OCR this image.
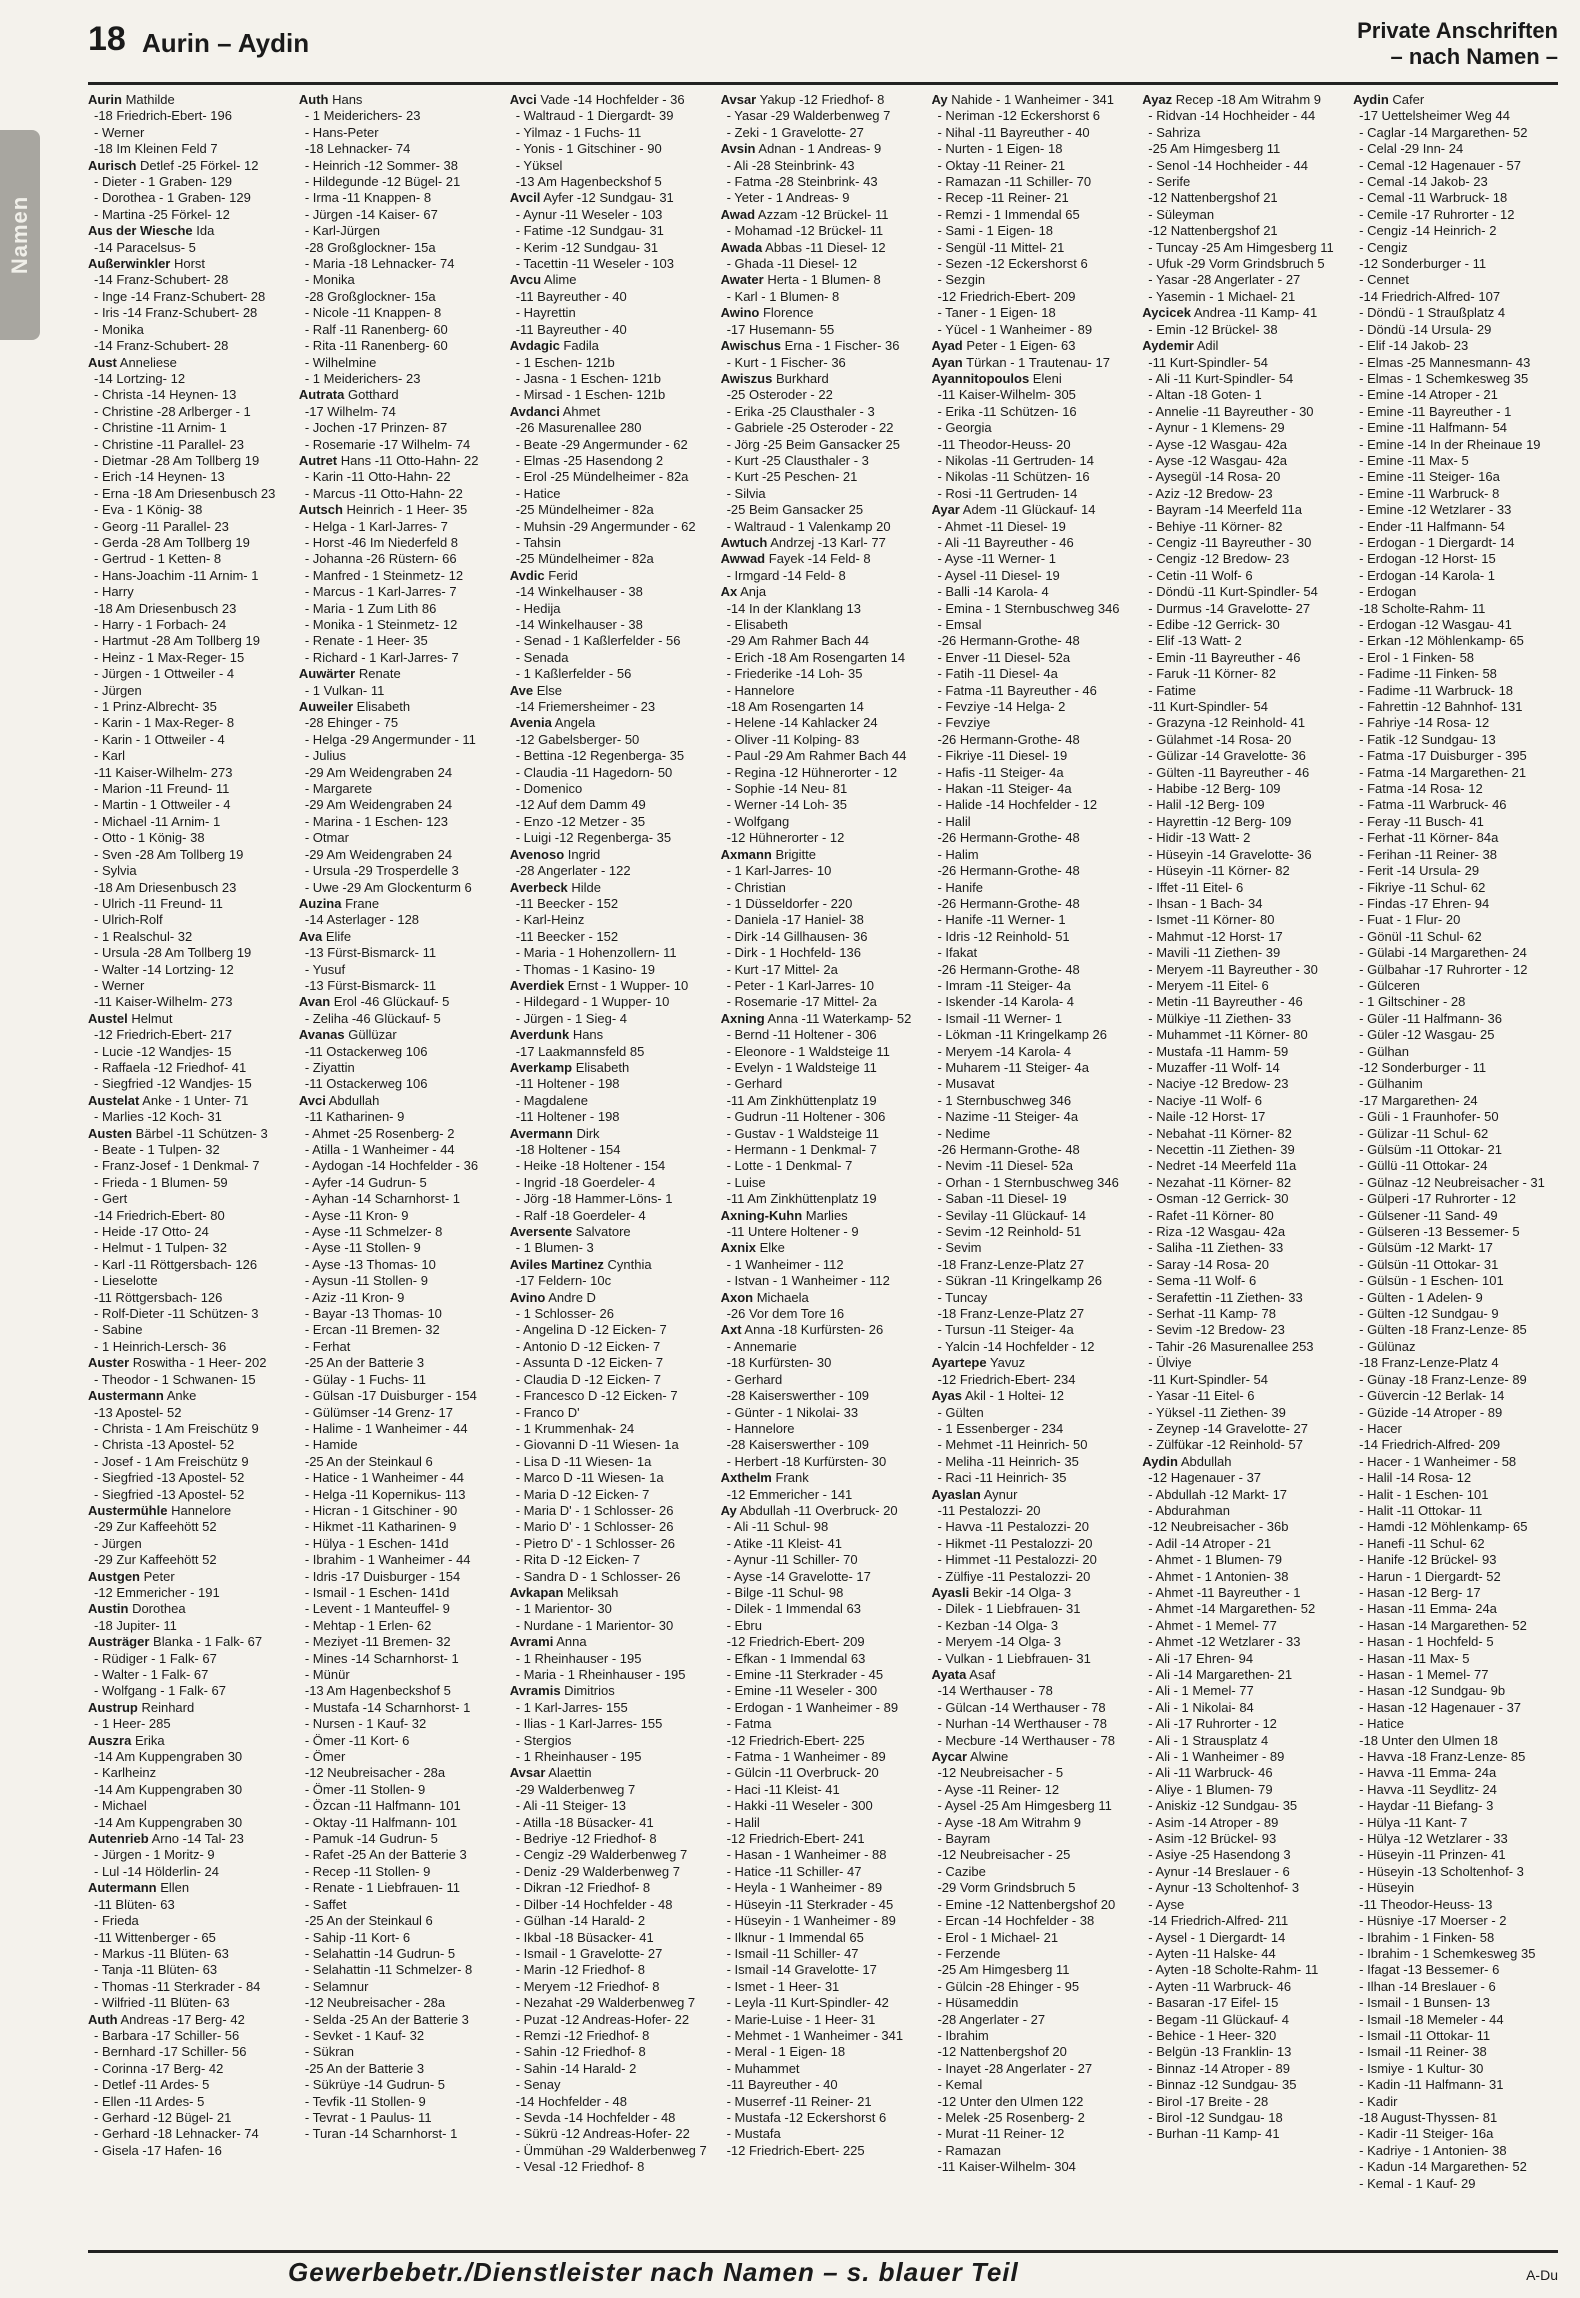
18 Aurin – Aydin	Private Anschriften
– nach Namen –
Namen
Aurin Mathilde
-18 Friedrich-Ebert- 196
- Werner
-18 Im Kleinen Feld 7
Aurisch Detlef -25 Förkel- 12
- Dieter - 1 Graben- 129
- Dorothea - 1 Graben- 129
- Martina -25 Förkel- 12
Aus der Wiesche Ida
-14 Paracelsus- 5
Außerwinkler Horst
-14 Franz-Schubert- 28
- Inge -14 Franz-Schubert- 28
- Iris -14 Franz-Schubert- 28
- Monika
-14 Franz-Schubert- 28
Aust Anneliese
-14 Lortzing- 12
- Christa -14 Heynen- 13
- Christine -28 Arlberger - 1
- Christine -11 Arnim- 1
- Christine -11 Parallel- 23
- Dietmar -28 Am Tollberg 19
- Erich -14 Heynen- 13
- Erna -18 Am Driesenbusch 23
- Eva - 1 König- 38
- Georg -11 Parallel- 23
- Gerda -28 Am Tollberg 19
- Gertrud - 1 Ketten- 8
- Hans-Joachim -11 Arnim- 1
- Harry
-18 Am Driesenbusch 23
- Harry - 1 Forbach- 24
- Hartmut -28 Am Tollberg 19
- Heinz - 1 Max-Reger- 15
- Jürgen - 1 Ottweiler - 4
- Jürgen
- 1 Prinz-Albrecht- 35
- Karin - 1 Max-Reger- 8
- Karin - 1 Ottweiler - 4
- Karl
-11 Kaiser-Wilhelm- 273
- Marion -11 Freund- 11
- Martin - 1 Ottweiler - 4
- Michael -11 Arnim- 1
- Otto - 1 König- 38
- Sven -28 Am Tollberg 19
- Sylvia
-18 Am Driesenbusch 23
- Ulrich -11 Freund- 11
- Ulrich-Rolf
- 1 Realschul- 32
- Ursula -28 Am Tollberg 19
- Walter -14 Lortzing- 12
- Werner
-11 Kaiser-Wilhelm- 273
Austel Helmut
-12 Friedrich-Ebert- 217
- Lucie -12 Wandjes- 15
- Raffaela -12 Friedhof- 41
- Siegfried -12 Wandjes- 15
Austelat Anke - 1 Unter- 71
- Marlies -12 Koch- 31
Austen Bärbel -11 Schützen- 3
- Beate - 1 Tulpen- 32
- Franz-Josef - 1 Denkmal- 7
- Frieda - 1 Blumen- 59
- Gert
-14 Friedrich-Ebert- 80
- Heide -17 Otto- 24
- Helmut - 1 Tulpen- 32
- Karl -11 Röttgersbach- 126
- Lieselotte
-11 Röttgersbach- 126
- Rolf-Dieter -11 Schützen- 3
- Sabine
- 1 Heinrich-Lersch- 36
Auster Roswitha - 1 Heer- 202
- Theodor - 1 Schwanen- 15
Austermann Anke
-13 Apostel- 52
- Christa - 1 Am Freischütz 9
- Christa -13 Apostel- 52
- Josef - 1 Am Freischütz 9
- Siegfried -13 Apostel- 52
- Siegfried -13 Apostel- 52
Austermühle Hannelore
-29 Zur Kaffeehött 52
- Jürgen
-29 Zur Kaffeehött 52
Austgen Peter
-12 Emmericher - 191
Austin Dorothea
-18 Jupiter- 11
Austräger Blanka - 1 Falk- 67
- Rüdiger - 1 Falk- 67
- Walter - 1 Falk- 67
- Wolfgang - 1 Falk- 67
Austrup Reinhard
- 1 Heer- 285
Auszra Erika
-14 Am Kuppengraben 30
- Karlheinz
-14 Am Kuppengraben 30
- Michael
-14 Am Kuppengraben 30
Autenrieb Arno -14 Tal- 23
- Jürgen - 1 Moritz- 9
- Lul -14 Hölderlin- 24
Autermann Ellen
-11 Blüten- 63
- Frieda
-11 Wittenberger - 65
- Markus -11 Blüten- 63
- Tanja -11 Blüten- 63
- Thomas -11 Sterkrader - 84
- Wilfried -11 Blüten- 63
Auth Andreas -17 Berg- 42
- Barbara -17 Schiller- 56
- Bernhard -17 Schiller- 56
- Corinna -17 Berg- 42
- Detlef -11 Ardes- 5
- Ellen -11 Ardes- 5
- Gerhard -12 Bügel- 21
- Gerhard -18 Lehnacker- 74
- Gisela -17 Hafen- 16
Auth Hans
- 1 Meiderichers- 23
- Hans-Peter
-18 Lehnacker- 74
- Heinrich -12 Sommer- 38
- Hildegunde -12 Bügel- 21
- Irma -11 Knappen- 8
- Jürgen -14 Kaiser- 67
- Karl-Jürgen
-28 Großglockner- 15a
- Maria -18 Lehnacker- 74
- Monika
-28 Großglockner- 15a
- Nicole -11 Knappen- 8
- Ralf -11 Ranenberg- 60
- Rita -11 Ranenberg- 60
- Wilhelmine
- 1 Meiderichers- 23
Autrata Gotthard
-17 Wilhelm- 74
- Jochen -17 Prinzen- 87
- Rosemarie -17 Wilhelm- 74
Autret Hans -11 Otto-Hahn- 22
- Karin -11 Otto-Hahn- 22
- Marcus -11 Otto-Hahn- 22
Autsch Heinrich - 1 Heer- 35
- Helga - 1 Karl-Jarres- 7
- Horst -46 Im Niederfeld 8
- Johanna -26 Rüstern- 66
- Manfred - 1 Steinmetz- 12
- Marcus - 1 Karl-Jarres- 7
- Maria - 1 Zum Lith 86
- Monika - 1 Steinmetz- 12
- Renate - 1 Heer- 35
- Richard - 1 Karl-Jarres- 7
Auwärter Renate
- 1 Vulkan- 11
Auweiler Elisabeth
-28 Ehinger - 75
- Helga -29 Angermunder - 11
- Julius
-29 Am Weidengraben 24
- Margarete
-29 Am Weidengraben 24
- Marina - 1 Eschen- 123
- Otmar
-29 Am Weidengraben 24
- Ursula -29 Trosperdelle 3
- Uwe -29 Am Glockenturm 6
Auzina Frane
-14 Asterlager - 128
Ava Elife
-13 Fürst-Bismarck- 11
- Yusuf
-13 Fürst-Bismarck- 11
Avan Erol -46 Glückauf- 5
- Zeliha -46 Glückauf- 5
Avanas Güllüzar
-11 Ostackerweg 106
- Ziyattin
-11 Ostackerweg 106
Avci Abdullah
-11 Katharinen- 9
- Ahmet -25 Rosenberg- 2
- Atilla - 1 Wanheimer - 44
- Aydogan -14 Hochfelder - 36
- Ayfer -14 Gudrun- 5
- Ayhan -14 Scharnhorst- 1
- Ayse -11 Kron- 9
- Ayse -11 Schmelzer- 8
- Ayse -11 Stollen- 9
- Ayse -13 Thomas- 10
- Aysun -11 Stollen- 9
- Aziz -11 Kron- 9
- Bayar -13 Thomas- 10
- Ercan -11 Bremen- 32
- Ferhat
-25 An der Batterie 3
- Gülay - 1 Fuchs- 11
- Gülsan -17 Duisburger - 154
- Gülümser -14 Grenz- 17
- Halime - 1 Wanheimer - 44
- Hamide
-25 An der Steinkaul 6
- Hatice - 1 Wanheimer - 44
- Helga -11 Kopernikus- 113
- Hicran - 1 Gitschiner - 90
- Hikmet -11 Katharinen- 9
- Hülya - 1 Eschen- 141d
- Ibrahim - 1 Wanheimer - 44
- Idris -17 Duisburger - 154
- Ismail - 1 Eschen- 141d
- Levent - 1 Manteuffel- 9
- Mehtap - 1 Erlen- 62
- Meziyet -11 Bremen- 32
- Mines -14 Scharnhorst- 1
- Münür
-13 Am Hagenbeckshof 5
- Mustafa -14 Scharnhorst- 1
- Nursen - 1 Kauf- 32
- Ömer -11 Kort- 6
- Ömer
-12 Neubreisacher - 28a
- Ömer -11 Stollen- 9
- Özcan -11 Halfmann- 101
- Oktay -11 Halfmann- 101
- Pamuk -14 Gudrun- 5
- Rafet -25 An der Batterie 3
- Recep -11 Stollen- 9
- Renate - 1 Liebfrauen- 11
- Saffet
-25 An der Steinkaul 6
- Sahip -11 Kort- 6
- Selahattin -14 Gudrun- 5
- Selahattin -11 Schmelzer- 8
- Selamnur
-12 Neubreisacher - 28a
- Selda -25 An der Batterie 3
- Sevket - 1 Kauf- 32
- Sükran
-25 An der Batterie 3
- Sükrüye -14 Gudrun- 5
- Tevfik -11 Stollen- 9
- Tevrat - 1 Paulus- 11
- Turan -14 Scharnhorst- 1
Avci Vade -14 Hochfelder - 36
- Waltraud - 1 Diergardt- 39
- Yilmaz - 1 Fuchs- 11
- Yonis - 1 Gitschiner - 90
- Yüksel
-13 Am Hagenbeckshof 5
Avcil Ayfer -12 Sundgau- 31
- Aynur -11 Weseler - 103
- Fatime -12 Sundgau- 31
- Kerim -12 Sundgau- 31
- Tacettin -11 Weseler - 103
Avcu Alime
-11 Bayreuther - 40
- Hayrettin
-11 Bayreuther - 40
Avdagic Fadila
- 1 Eschen- 121b
- Jasna - 1 Eschen- 121b
- Mirsad - 1 Eschen- 121b
Avdanci Ahmet
-26 Masurenallee 280
- Beate -29 Angermunder - 62
- Elmas -25 Hasendong 2
- Erol -25 Mündelheimer - 82a
- Hatice
-25 Mündelheimer - 82a
- Muhsin -29 Angermunder - 62
- Tahsin
-25 Mündelheimer - 82a
Avdic Ferid
-14 Winkelhauser - 38
- Hedija
-14 Winkelhauser - 38
- Senad - 1 Kaßlerfelder - 56
- Senada
- 1 Kaßlerfelder - 56
Ave Else
-14 Friemersheimer - 23
Avenia Angela
-12 Gabelsberger- 50
- Bettina -12 Regenberga- 35
- Claudia -11 Hagedorn- 50
- Domenico
-12 Auf dem Damm 49
- Enzo -12 Metzer - 35
- Luigi -12 Regenberga- 35
Avenoso Ingrid
-28 Angerlater - 122
Averbeck Hilde
-11 Beecker - 152
- Karl-Heinz
-11 Beecker - 152
- Maria - 1 Hohenzollern- 11
- Thomas - 1 Kasino- 19
Averdiek Ernst - 1 Wupper- 10
- Hildegard - 1 Wupper- 10
- Jürgen - 1 Sieg- 4
Averdunk Hans
-17 Laakmannsfeld 85
Averkamp Elisabeth
-11 Holtener - 198
- Magdalene
-11 Holtener - 198
Avermann Dirk
-18 Holtener - 154
- Heike -18 Holtener - 154
- Ingrid -18 Goerdeler- 4
- Jörg -18 Hammer-Löns- 1
- Ralf -18 Goerdeler- 4
Aversente Salvatore
- 1 Blumen- 3
Aviles Martinez Cynthia
-17 Feldern- 10c
Avino Andre D
- 1 Schlosser- 26
- Angelina D -12 Eicken- 7
- Antonio D -12 Eicken- 7
- Assunta D -12 Eicken- 7
- Claudia D -12 Eicken- 7
- Francesco D -12 Eicken- 7
- Franco D'
- 1 Krummenhak- 24
- Giovanni D -11 Wiesen- 1a
- Lisa D -11 Wiesen- 1a
- Marco D -11 Wiesen- 1a
- Maria D -12 Eicken- 7
- Maria D' - 1 Schlosser- 26
- Mario D' - 1 Schlosser- 26
- Pietro D' - 1 Schlosser- 26
- Rita D -12 Eicken- 7
- Sandra D - 1 Schlosser- 26
Avkapan Meliksah
- 1 Marientor- 30
- Nurdane - 1 Marientor- 30
Avrami Anna
- 1 Rheinhauser - 195
- Maria - 1 Rheinhauser - 195
Avramis Dimitrios
- 1 Karl-Jarres- 155
- Ilias - 1 Karl-Jarres- 155
- Stergios
- 1 Rheinhauser - 195
Avsar Alaettin
-29 Walderbenweg 7
- Ali -11 Steiger- 13
- Atilla -18 Büsacker- 41
- Bedriye -12 Friedhof- 8
- Cengiz -29 Walderbenweg 7
- Deniz -29 Walderbenweg 7
- Dikran -12 Friedhof- 8
- Dilber -14 Hochfelder - 48
- Gülhan -14 Harald- 2
- Ikbal -18 Büsacker- 41
- Ismail - 1 Gravelotte- 27
- Marin -12 Friedhof- 8
- Meryem -12 Friedhof- 8
- Nezahat -29 Walderbenweg 7
- Puzat -12 Andreas-Hofer- 22
- Remzi -12 Friedhof- 8
- Sahin -12 Friedhof- 8
- Sahin -14 Harald- 2
- Senay
-14 Hochfelder - 48
- Sevda -14 Hochfelder - 48
- Sükrü -12 Andreas-Hofer- 22
- Ümmühan -29 Walderbenweg 7
- Vesal -12 Friedhof- 8
Avsar Yakup -12 Friedhof- 8
- Yasar -29 Walderbenweg 7
- Zeki - 1 Gravelotte- 27
Avsin Adnan - 1 Andreas- 9
- Ali -28 Steinbrink- 43
- Fatma -28 Steinbrink- 43
- Yeter - 1 Andreas- 9
Awad Azzam -12 Brückel- 11
- Mohamad -12 Brückel- 11
Awada Abbas -11 Diesel- 12
- Ghada -11 Diesel- 12
Awater Herta - 1 Blumen- 8
- Karl - 1 Blumen- 8
Awino Florence
-17 Husemann- 55
Awischus Erna - 1 Fischer- 36
- Kurt - 1 Fischer- 36
Awiszus Burkhard
-25 Osteroder - 22
- Erika -25 Clausthaler - 3
- Gabriele -25 Osteroder - 22
- Jörg -25 Beim Gansacker 25
- Kurt -25 Clausthaler - 3
- Kurt -25 Peschen- 21
- Silvia
-25 Beim Gansacker 25
- Waltraud - 1 Valenkamp 20
Awtuch Andrzej -13 Karl- 77
Awwad Fayek -14 Feld- 8
- Irmgard -14 Feld- 8
Ax Anja
-14 In der Klanklang 13
- Elisabeth
-29 Am Rahmer Bach 44
- Erich -18 Am Rosengarten 14
- Friederike -14 Loh- 35
- Hannelore
-18 Am Rosengarten 14
- Helene -14 Kahlacker 24
- Oliver -11 Kolping- 83
- Paul -29 Am Rahmer Bach 44
- Regina -12 Hühnerorter - 12
- Sophie -14 Neu- 81
- Werner -14 Loh- 35
- Wolfgang
-12 Hühnerorter - 12
Axmann Brigitte
- 1 Karl-Jarres- 10
- Christian
- 1 Düsseldorfer - 220
- Daniela -17 Haniel- 38
- Dirk -14 Gillhausen- 36
- Dirk - 1 Hochfeld- 136
- Kurt -17 Mittel- 2a
- Peter - 1 Karl-Jarres- 10
- Rosemarie -17 Mittel- 2a
Axning Anna -11 Waterkamp- 52
- Bernd -11 Holtener - 306
- Eleonore - 1 Waldsteige 11
- Evelyn - 1 Waldsteige 11
- Gerhard
-11 Am Zinkhüttenplatz 19
- Gudrun -11 Holtener - 306
- Gustav - 1 Waldsteige 11
- Hermann - 1 Denkmal- 7
- Lotte - 1 Denkmal- 7
- Luise
-11 Am Zinkhüttenplatz 19
Axning-Kuhn Marlies
-11 Untere Holtener - 9
Axnix Elke
- 1 Wanheimer - 112
- Istvan - 1 Wanheimer - 112
Axon Michaela
-26 Vor dem Tore 16
Axt Anna -18 Kurfürsten- 26
- Annemarie
-18 Kurfürsten- 30
- Gerhard
-28 Kaiserswerther - 109
- Günter - 1 Nikolai- 33
- Hannelore
-28 Kaiserswerther - 109
- Herbert -18 Kurfürsten- 30
Axthelm Frank
-12 Emmericher - 141
Ay Abdullah -11 Overbruck- 20
- Ali -11 Schul- 98
- Atike -11 Kleist- 41
- Aynur -11 Schiller- 70
- Ayse -14 Gravelotte- 17
- Bilge -11 Schul- 98
- Dilek - 1 Immendal 63
- Ebru
-12 Friedrich-Ebert- 209
- Efkan - 1 Immendal 63
- Emine -11 Sterkrader - 45
- Emine -11 Weseler - 300
- Erdogan - 1 Wanheimer - 89
- Fatma
-12 Friedrich-Ebert- 225
- Fatma - 1 Wanheimer - 89
- Gülcin -11 Overbruck- 20
- Haci -11 Kleist- 41
- Hakki -11 Weseler - 300
- Halil
-12 Friedrich-Ebert- 241
- Hasan - 1 Wanheimer - 88
- Hatice -11 Schiller- 47
- Heyla - 1 Wanheimer - 89
- Hüseyin -11 Sterkrader - 45
- Hüseyin - 1 Wanheimer - 89
- Ilknur - 1 Immendal 65
- Ismail -11 Schiller- 47
- Ismail -14 Gravelotte- 17
- Ismet - 1 Heer- 31
- Leyla -11 Kurt-Spindler- 42
- Marie-Luise - 1 Heer- 31
- Mehmet - 1 Wanheimer - 341
- Meral - 1 Eigen- 18
- Muhammet
-11 Bayreuther - 40
- Muserref -11 Reiner- 21
- Mustafa -12 Eckershorst 6
- Mustafa
-12 Friedrich-Ebert- 225
Ay Nahide - 1 Wanheimer - 341
- Neriman -12 Eckershorst 6
- Nihal -11 Bayreuther - 40
- Nurten - 1 Eigen- 18
- Oktay -11 Reiner- 21
- Ramazan -11 Schiller- 70
- Recep -11 Reiner- 21
- Remzi - 1 Immendal 65
- Sami - 1 Eigen- 18
- Sengül -11 Mittel- 21
- Sezen -12 Eckershorst 6
- Sezgin
-12 Friedrich-Ebert- 209
- Taner - 1 Eigen- 18
- Yücel - 1 Wanheimer - 89
Ayad Peter - 1 Eigen- 63
Ayan Türkan - 1 Trautenau- 17
Ayannitopoulos Eleni
-11 Kaiser-Wilhelm- 305
- Erika -11 Schützen- 16
- Georgia
-11 Theodor-Heuss- 20
- Nikolas -11 Gertruden- 14
- Nikolas -11 Schützen- 16
- Rosi -11 Gertruden- 14
Ayar Adem -11 Glückauf- 14
- Ahmet -11 Diesel- 19
- Ali -11 Bayreuther - 46
- Ayse -11 Werner- 1
- Aysel -11 Diesel- 19
- Balli -14 Karola- 4
- Emina - 1 Sternbuschweg 346
- Emsal
-26 Hermann-Grothe- 48
- Enver -11 Diesel- 52a
- Fatih -11 Diesel- 4a
- Fatma -11 Bayreuther - 46
- Fevziye -14 Helga- 2
- Fevziye
-26 Hermann-Grothe- 48
- Fikriye -11 Diesel- 19
- Hafis -11 Steiger- 4a
- Hakan -11 Steiger- 4a
- Halide -14 Hochfelder - 12
- Halil
-26 Hermann-Grothe- 48
- Halim
-26 Hermann-Grothe- 48
- Hanife
-26 Hermann-Grothe- 48
- Hanife -11 Werner- 1
- Idris -12 Reinhold- 51
- Ifakat
-26 Hermann-Grothe- 48
- Imram -11 Steiger- 4a
- Iskender -14 Karola- 4
- Ismail -11 Werner- 1
- Lökman -11 Kringelkamp 26
- Meryem -14 Karola- 4
- Muharem -11 Steiger- 4a
- Musavat
- 1 Sternbuschweg 346
- Nazime -11 Steiger- 4a
- Nedime
-26 Hermann-Grothe- 48
- Nevim -11 Diesel- 52a
- Orhan - 1 Sternbuschweg 346
- Saban -11 Diesel- 19
- Sevilay -11 Glückauf- 14
- Sevim -12 Reinhold- 51
- Sevim
-18 Franz-Lenze-Platz 27
- Sükran -11 Kringelkamp 26
- Tuncay
-18 Franz-Lenze-Platz 27
- Tursun -11 Steiger- 4a
- Yalcin -14 Hochfelder - 12
Ayartepe Yavuz
-12 Friedrich-Ebert- 234
Ayas Akil - 1 Holtei- 12
- Gülten
- 1 Essenberger - 234
- Mehmet -11 Heinrich- 50
- Meliha -11 Heinrich- 35
- Raci -11 Heinrich- 35
Ayaslan Aynur
-11 Pestalozzi- 20
- Havva -11 Pestalozzi- 20
- Hikmet -11 Pestalozzi- 20
- Himmet -11 Pestalozzi- 20
- Zülfiye -11 Pestalozzi- 20
Ayasli Bekir -14 Olga- 3
- Dilek - 1 Liebfrauen- 31
- Kezban -14 Olga- 3
- Meryem -14 Olga- 3
- Vulkan - 1 Liebfrauen- 31
Ayata Asaf
-14 Werthauser - 78
- Gülcan -14 Werthauser - 78
- Nurhan -14 Werthauser - 78
- Mecbure -14 Werthauser - 78
Aycar Alwine
-12 Neubreisacher - 5
- Ayse -11 Reiner- 12
- Aysel -25 Am Himgesberg 11
- Ayse -18 Am Witrahm 9
- Bayram
-12 Neubreisacher - 25
- Cazibe
-29 Vorm Grindsbruch 5
- Emine -12 Nattenbergshof 20
- Ercan -14 Hochfelder - 38
- Erol - 1 Michael- 21
- Ferzende
-25 Am Himgesberg 11
- Gülcin -28 Ehinger - 95
- Hüsameddin
-28 Angerlater - 27
- Ibrahim
-12 Nattenbergshof 20
- Inayet -28 Angerlater - 27
- Kemal
-12 Unter den Ulmen 122
- Melek -25 Rosenberg- 2
- Murat -11 Reiner- 12
- Ramazan
-11 Kaiser-Wilhelm- 304
Ayaz Recep -18 Am Witrahm 9
- Ridvan -14 Hochheider - 44
- Sahriza
-25 Am Himgesberg 11
- Senol -14 Hochheider - 44
- Serife
-12 Nattenbergshof 21
- Süleyman
-12 Nattenbergshof 21
- Tuncay -25 Am Himgesberg 11
- Ufuk -29 Vorm Grindsbruch 5
- Yasar -28 Angerlater - 27
- Yasemin - 1 Michael- 21
Aycicek Andrea -11 Kamp- 41
- Emin -12 Brückel- 38
Aydemir Adil
-11 Kurt-Spindler- 54
- Ali -11 Kurt-Spindler- 54
- Altan -18 Goten- 1
- Annelie -11 Bayreuther - 30
- Aynur - 1 Klemens- 29
- Ayse -12 Wasgau- 42a
- Ayse -12 Wasgau- 42a
- Aysegül -14 Rosa- 20
- Aziz -12 Bredow- 23
- Bayram -14 Meerfeld 11a
- Behiye -11 Körner- 82
- Cengiz -11 Bayreuther - 30
- Cengiz -12 Bredow- 23
- Cetin -11 Wolf- 6
- Döndü -11 Kurt-Spindler- 54
- Durmus -14 Gravelotte- 27
- Edibe -12 Gerrick- 30
- Elif -13 Watt- 2
- Emin -11 Bayreuther - 46
- Faruk -11 Körner- 82
- Fatime
-11 Kurt-Spindler- 54
- Grazyna -12 Reinhold- 41
- Gülahmet -14 Rosa- 20
- Gülizar -14 Gravelotte- 36
- Gülten -11 Bayreuther - 46
- Habibe -12 Berg- 109
- Halil -12 Berg- 109
- Hayrettin -12 Berg- 109
- Hidir -13 Watt- 2
- Hüseyin -14 Gravelotte- 36
- Hüseyin -11 Körner- 82
- Iffet -11 Eitel- 6
- Ihsan - 1 Bach- 34
- Ismet -11 Körner- 80
- Mahmut -12 Horst- 17
- Mavili -11 Ziethen- 39
- Meryem -11 Bayreuther - 30
- Meryem -11 Eitel- 6
- Metin -11 Bayreuther - 46
- Mülkiye -11 Ziethen- 33
- Muhammet -11 Körner- 80
- Mustafa -11 Hamm- 59
- Muzaffer -11 Wolf- 14
- Naciye -12 Bredow- 23
- Naciye -11 Wolf- 6
- Naile -12 Horst- 17
- Nebahat -11 Körner- 82
- Necettin -11 Ziethen- 39
- Nedret -14 Meerfeld 11a
- Nezahat -11 Körner- 82
- Osman -12 Gerrick- 30
- Rafet -11 Körner- 80
- Riza -12 Wasgau- 42a
- Saliha -11 Ziethen- 33
- Saray -14 Rosa- 20
- Sema -11 Wolf- 6
- Serafettin -11 Ziethen- 33
- Serhat -11 Kamp- 78
- Sevim -12 Bredow- 23
- Tahir -26 Masurenallee 253
- Ülviye
-11 Kurt-Spindler- 54
- Yasar -11 Eitel- 6
- Yüksel -11 Ziethen- 39
- Zeynep -14 Gravelotte- 27
- Zülfükar -12 Reinhold- 57
Aydin Abdullah
-12 Hagenauer - 37
- Abdullah -12 Markt- 17
- Abdurahman
-12 Neubreisacher - 36b
- Adil -14 Atroper - 21
- Ahmet - 1 Blumen- 79
- Ahmet - 1 Antonien- 38
- Ahmet -11 Bayreuther - 1
- Ahmet -14 Margarethen- 52
- Ahmet - 1 Memel- 77
- Ahmet -12 Wetzlarer - 33
- Ali -17 Ehren- 94
- Ali -14 Margarethen- 21
- Ali - 1 Memel- 77
- Ali - 1 Nikolai- 84
- Ali -17 Ruhrorter - 12
- Ali - 1 Strausplatz 4
- Ali - 1 Wanheimer - 89
- Ali -11 Warbruck- 46
- Aliye - 1 Blumen- 79
- Aniskiz -12 Sundgau- 35
- Asim -14 Atroper - 89
- Asim -12 Brückel- 93
- Asiye -25 Hasendong 3
- Aynur -14 Breslauer - 6
- Aynur -13 Scholtenhof- 3
- Ayse
-14 Friedrich-Alfred- 211
- Aysel - 1 Diergardt- 14
- Ayten -11 Halske- 44
- Ayten -18 Scholte-Rahm- 11
- Ayten -11 Warbruck- 46
- Basaran -17 Eifel- 15
- Begam -11 Glückauf- 4
- Behice - 1 Heer- 320
- Belgün -13 Franklin- 13
- Binnaz -14 Atroper - 89
- Binnaz -12 Sundgau- 35
- Birol -17 Breite - 28
- Birol -12 Sundgau- 18
- Burhan -11 Kamp- 41
Aydin Cafer
-17 Uettelsheimer Weg 44
- Caglar -14 Margarethen- 52
- Celal -29 Inn- 24
- Cemal -12 Hagenauer - 57
- Cemal -14 Jakob- 23
- Cemal -11 Warbruck- 18
- Cemile -17 Ruhrorter - 12
- Cengiz -14 Heinrich- 2
- Cengiz
-12 Sonderburger - 11
- Cennet
-14 Friedrich-Alfred- 107
- Döndü - 1 Straußplatz 4
- Döndü -14 Ursula- 29
- Elif -14 Jakob- 23
- Elmas -25 Mannesmann- 43
- Elmas - 1 Schemkesweg 35
- Emine -14 Atroper - 21
- Emine -11 Bayreuther - 1
- Emine -11 Halfmann- 54
- Emine -14 In der Rheinaue 19
- Emine -11 Max- 5
- Emine -11 Steiger- 16a
- Emine -11 Warbruck- 8
- Emine -12 Wetzlarer - 33
- Ender -11 Halfmann- 54
- Erdogan - 1 Diergardt- 14
- Erdogan -12 Horst- 15
- Erdogan -14 Karola- 1
- Erdogan
-18 Scholte-Rahm- 11
- Erdogan -12 Wasgau- 41
- Erkan -12 Möhlenkamp- 65
- Erol - 1 Finken- 58
- Fadime -11 Finken- 58
- Fadime -11 Warbruck- 18
- Fahrettin -12 Bahnhof- 131
- Fahriye -14 Rosa- 12
- Fatik -12 Sundgau- 13
- Fatma -17 Duisburger - 395
- Fatma -14 Margarethen- 21
- Fatma -14 Rosa- 12
- Fatma -11 Warbruck- 46
- Feray -11 Busch- 41
- Ferhat -11 Körner- 84a
- Ferihan -11 Reiner- 38
- Ferit -14 Ursula- 29
- Fikriye -11 Schul- 62
- Findas -17 Ehren- 94
- Fuat - 1 Flur- 20
- Gönül -11 Schul- 62
- Gülabi -14 Margarethen- 24
- Gülbahar -17 Ruhrorter - 12
- Gülceren
- 1 Giltschiner - 28
- Güler -11 Halfmann- 36
- Güler -12 Wasgau- 25
- Gülhan
-12 Sonderburger - 11
- Gülhanim
-17 Margarethen- 24
- Güli - 1 Fraunhofer- 50
- Gülizar -11 Schul- 62
- Gülsüm -11 Ottokar- 21
- Güllü -11 Ottokar- 24
- Gülnaz -12 Neubreisacher - 31
- Gülperi -17 Ruhrorter - 12
- Gülsener -11 Sand- 49
- Gülseren -13 Bessemer- 5
- Gülsüm -12 Markt- 17
- Gülsün -11 Ottokar- 31
- Gülsün - 1 Eschen- 101
- Gülten - 1 Adelen- 9
- Gülten -12 Sundgau- 9
- Gülten -18 Franz-Lenze- 85
- Gülünaz
-18 Franz-Lenze-Platz 4
- Günay -18 Franz-Lenze- 89
- Güvercin -12 Berlak- 14
- Güzide -14 Atroper - 89
- Hacer
-14 Friedrich-Alfred- 209
- Hacer - 1 Wanheimer - 58
- Halil -14 Rosa- 12
- Halit - 1 Eschen- 101
- Halit -11 Ottokar- 11
- Hamdi -12 Möhlenkamp- 65
- Hanefi -11 Schul- 62
- Hanife -12 Brückel- 93
- Harun - 1 Diergardt- 52
- Hasan -12 Berg- 17
- Hasan -11 Emma- 24a
- Hasan -14 Margarethen- 52
- Hasan - 1 Hochfeld- 5
- Hasan -11 Max- 5
- Hasan - 1 Memel- 77
- Hasan -12 Sundgau- 9b
- Hasan -12 Hagenauer - 37
- Hatice
-18 Unter den Ulmen 18
- Havva -18 Franz-Lenze- 85
- Havva -11 Emma- 24a
- Havva -11 Seydlitz- 24
- Haydar -11 Biefang- 3
- Hülya -11 Kant- 7
- Hülya -12 Wetzlarer - 33
- Hüseyin -11 Prinzen- 41
- Hüseyin -13 Scholtenhof- 3
- Hüseyin
-11 Theodor-Heuss- 13
- Hüsniye -17 Moerser - 2
- Ibrahim - 1 Finken- 58
- Ibrahim - 1 Schemkesweg 35
- Ifagat -13 Bessemer- 6
- Ilhan -14 Breslauer - 6
- Ismail - 1 Bunsen- 13
- Ismail -18 Memeler - 44
- Ismail -11 Ottokar- 11
- Ismail -11 Reiner- 38
- Ismiye - 1 Kultur- 30
- Kadin -11 Halfmann- 31
- Kadir
-18 August-Thyssen- 81
- Kadir -11 Steiger- 16a
- Kadriye - 1 Antonien- 38
- Kadun -14 Margarethen- 52
- Kemal - 1 Kauf- 29
Gewerbebetr./Dienstleister nach Namen – s. blauer Teil	A-Du
